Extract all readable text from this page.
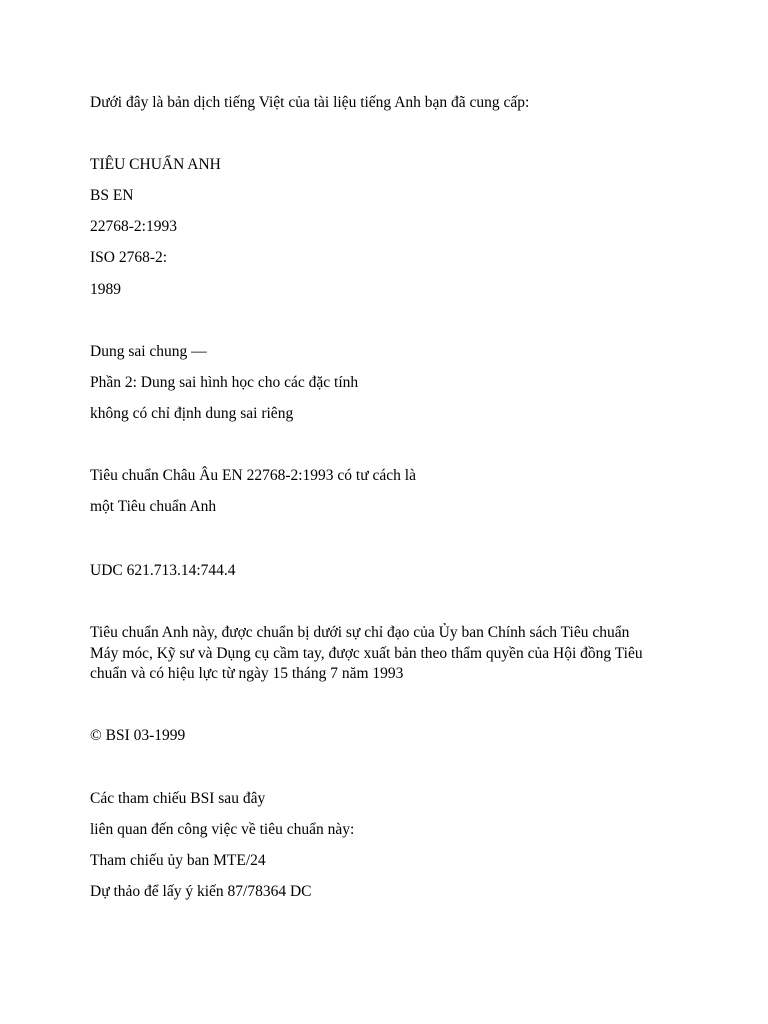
Dưới đây là bản dịch tiếng Việt của tài liệu tiếng Anh bạn đã cung cấp:
TIÊU CHUẨN ANH
BS EN
22768-2:1993
ISO 2768-2:
1989
Dung sai chung —
Phần 2: Dung sai hình học cho các đặc tính
không có chỉ định dung sai riêng
Tiêu chuẩn Châu Âu EN 22768-2:1993 có tư cách là
một Tiêu chuẩn Anh
UDC 621.713.14:744.4
Tiêu chuẩn Anh này, được chuẩn bị dưới sự chỉ đạo của Ủy ban Chính sách Tiêu chuẩn
Máy móc, Kỹ sư và Dụng cụ cầm tay, được xuất bản theo thẩm quyền của Hội đồng Tiêu
chuẩn và có hiệu lực từ ngày 15 tháng 7 năm 1993
© BSI 03-1999
Các tham chiếu BSI sau đây
liên quan đến công việc về tiêu chuẩn này:
Tham chiếu ủy ban MTE/24
Dự thảo để lấy ý kiến 87/78364 DC
